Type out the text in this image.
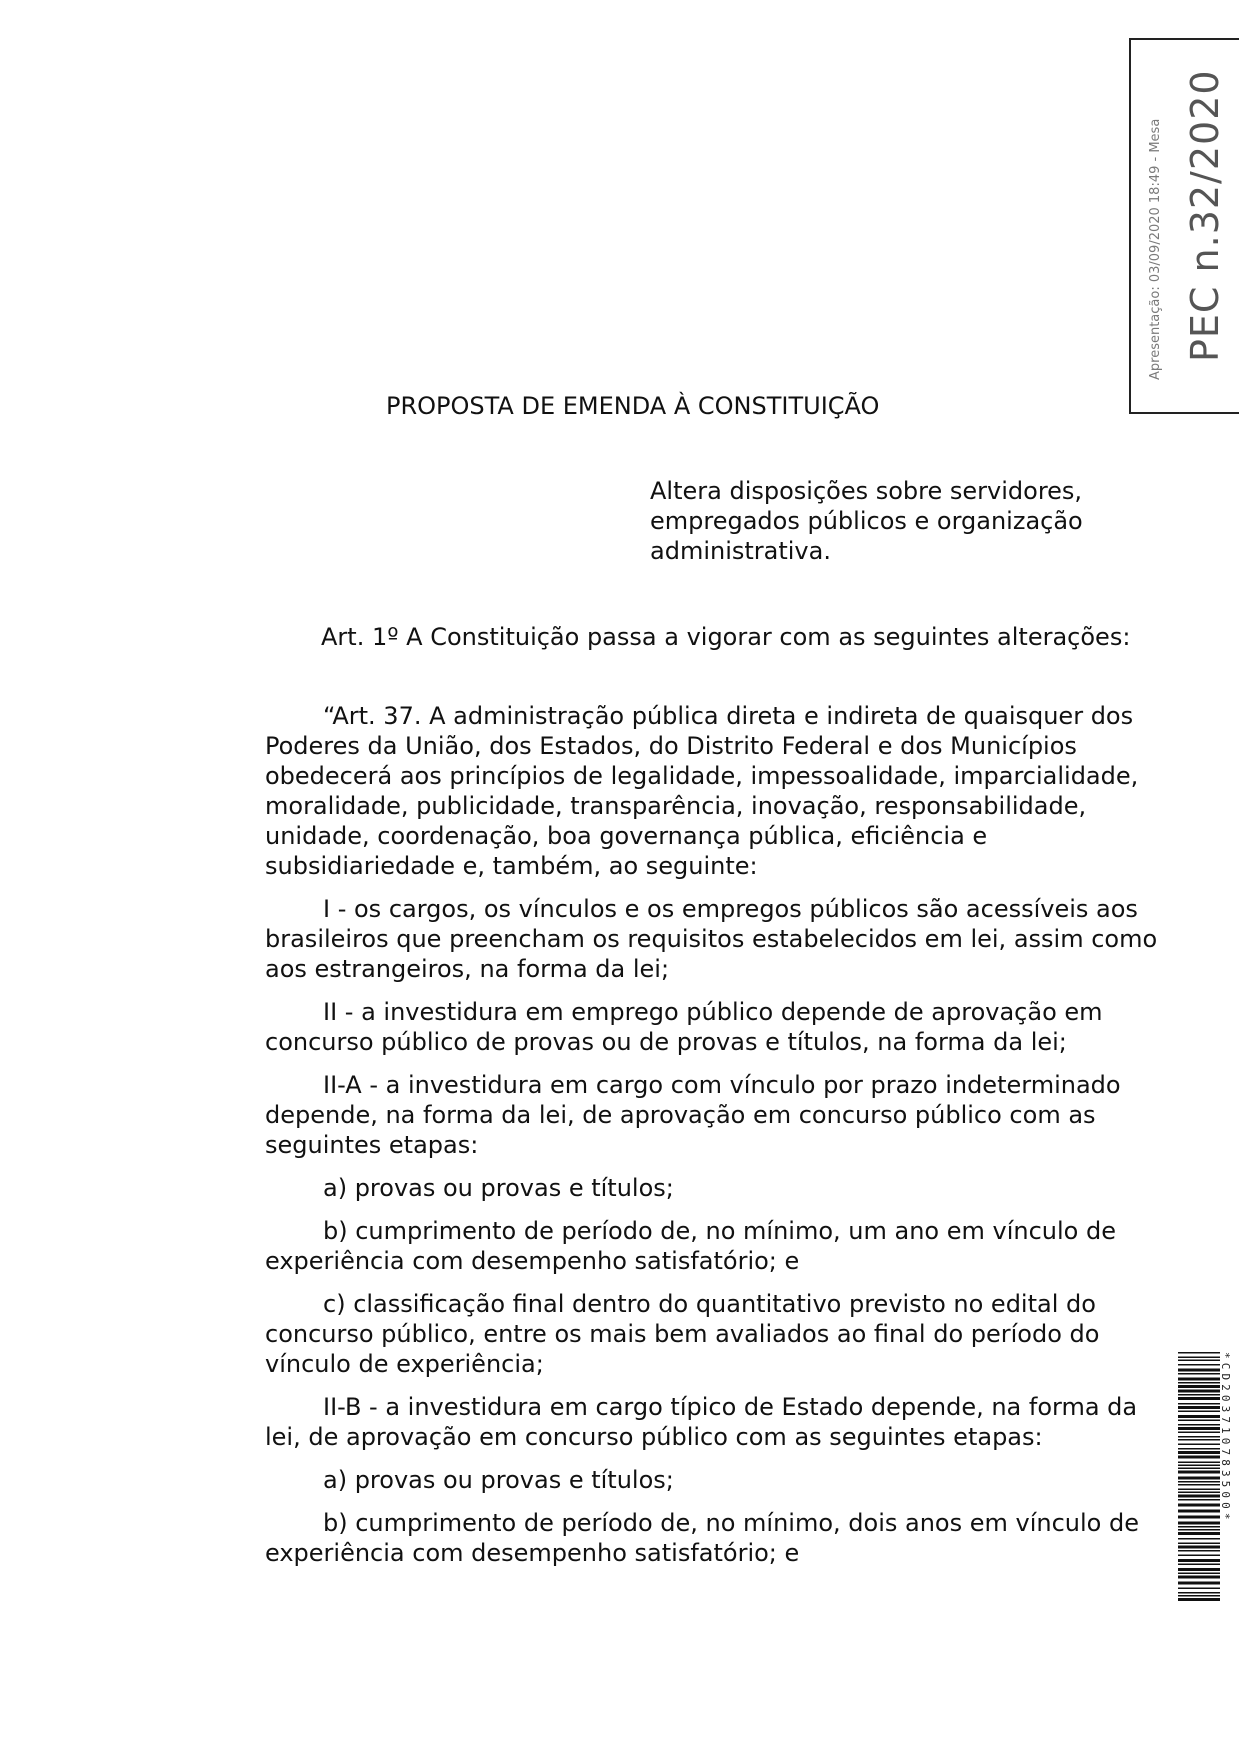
Apresentação: 03/09/2020 18:49 - Mesa PEC n.32/2020
PROPOSTA DE EMENDA À CONSTITUIÇÃO
Altera disposições sobre servidores, empregados públicos e organização administrativa.

Art. 1º A Constituição passa a vigorar com as seguintes alterações:

“Art. 37. A administração pública direta e indireta de quaisquer dos Poderes da União, dos Estados, do Distrito Federal e dos Municípios obedecerá aos princípios de legalidade, impessoalidade, imparcialidade, moralidade, publicidade, transparência, inovação, responsabilidade, unidade, coordenação, boa governança pública, eficiência e subsidiariedade e, também, ao seguinte:

I - os cargos, os vínculos e os empregos públicos são acessíveis aos brasileiros que preencham os requisitos estabelecidos em lei, assim como aos estrangeiros, na forma da lei;

II - a investidura em emprego público depende de aprovação em concurso público de provas ou de provas e títulos, na forma da lei;

II-A - a investidura em cargo com vínculo por prazo indeterminado depende, na forma da lei, de aprovação em concurso público com as seguintes etapas:

a) provas ou provas e títulos;

b) cumprimento de período de, no mínimo, um ano em vínculo de experiência com desempenho satisfatório; e

c) classificação final dentro do quantitativo previsto no edital do concurso público, entre os mais bem avaliados ao final do período do vínculo de experiência;

II-B - a investidura em cargo típico de Estado depende, na forma da lei, de aprovação em concurso público com as seguintes etapas:

a) provas ou provas e títulos;

b) cumprimento de período de, no mínimo, dois anos em vínculo de experiência com desempenho satisfatório; e

*CD203710783500*
